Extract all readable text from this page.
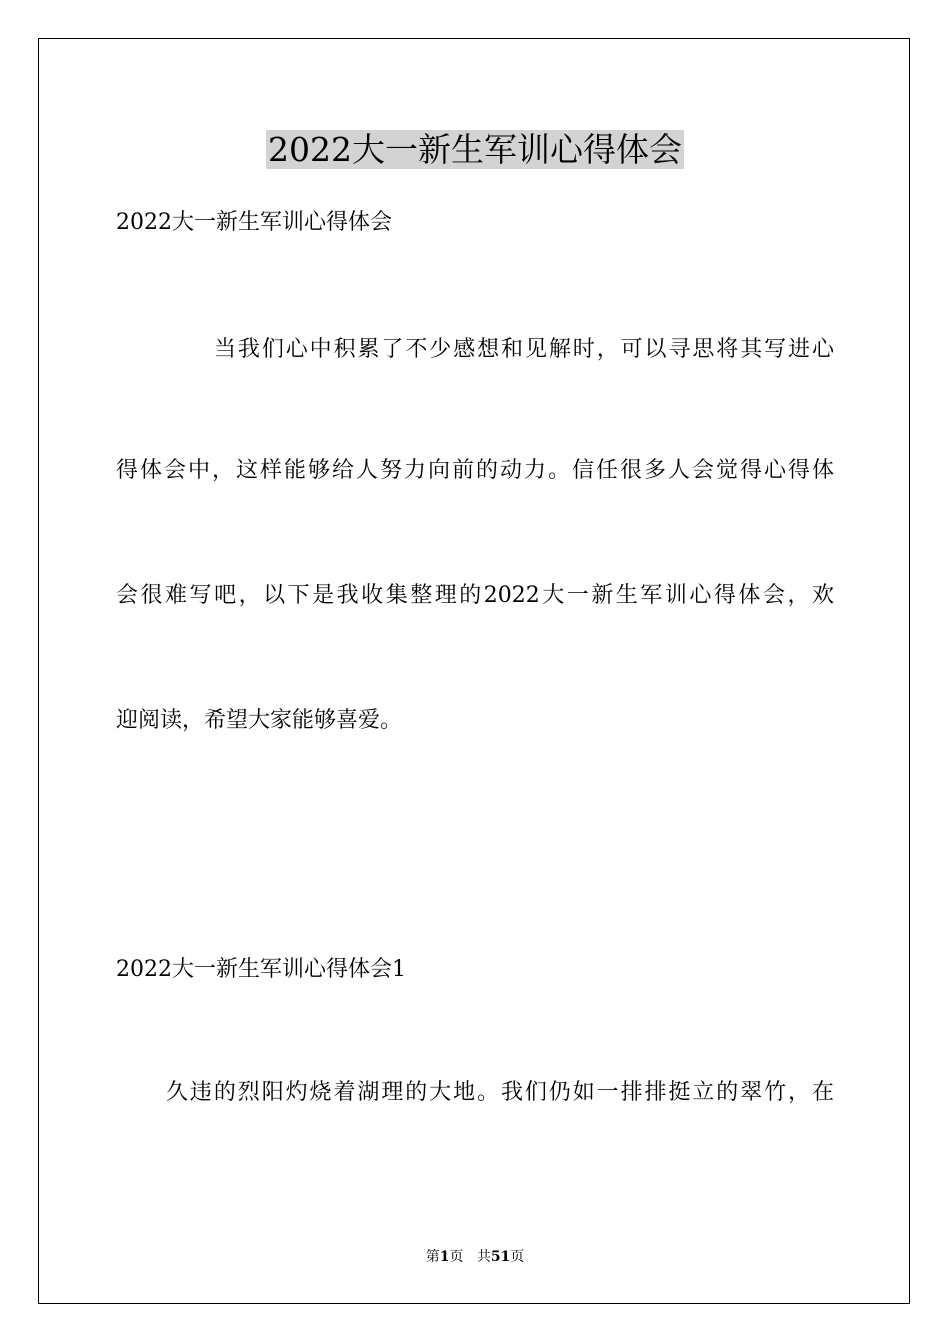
2022大一新生军训心得体会

2022大一新生军训心得体会

当我们心中积累了不少感想和见解时，可以寻思将其写进心

得体会中，这样能够给人努力向前的动力。信任很多人会觉得心得体

会很难写吧，以下是我收集整理的2022大一新生军训心得体会，欢

迎阅读，希望大家能够喜爱。

2022大一新生军训心得体会1

久违的烈阳灼烧着湖理的大地。我们仍如一排排挺立的翠竹，在

第1页 共51页
